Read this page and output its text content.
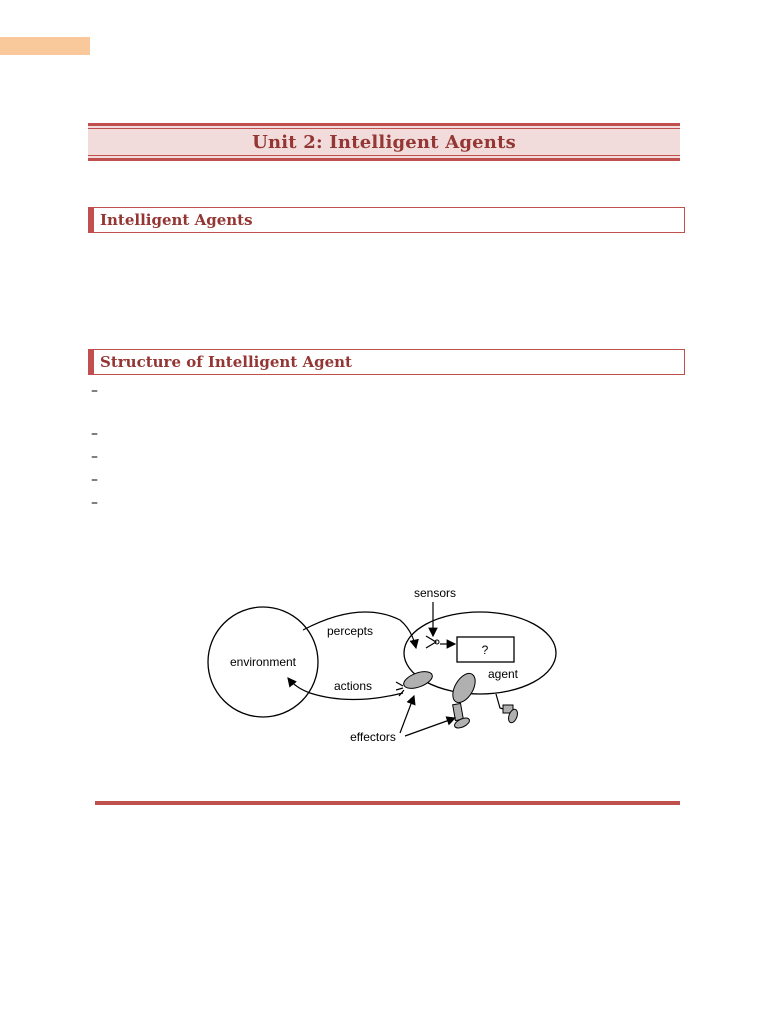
Unit 2: Intelligent Agents
Intelligent Agents
Structure of Intelligent Agent
–
–
–
–
–
environment
agent
?
percepts
actions
sensors
effectors
